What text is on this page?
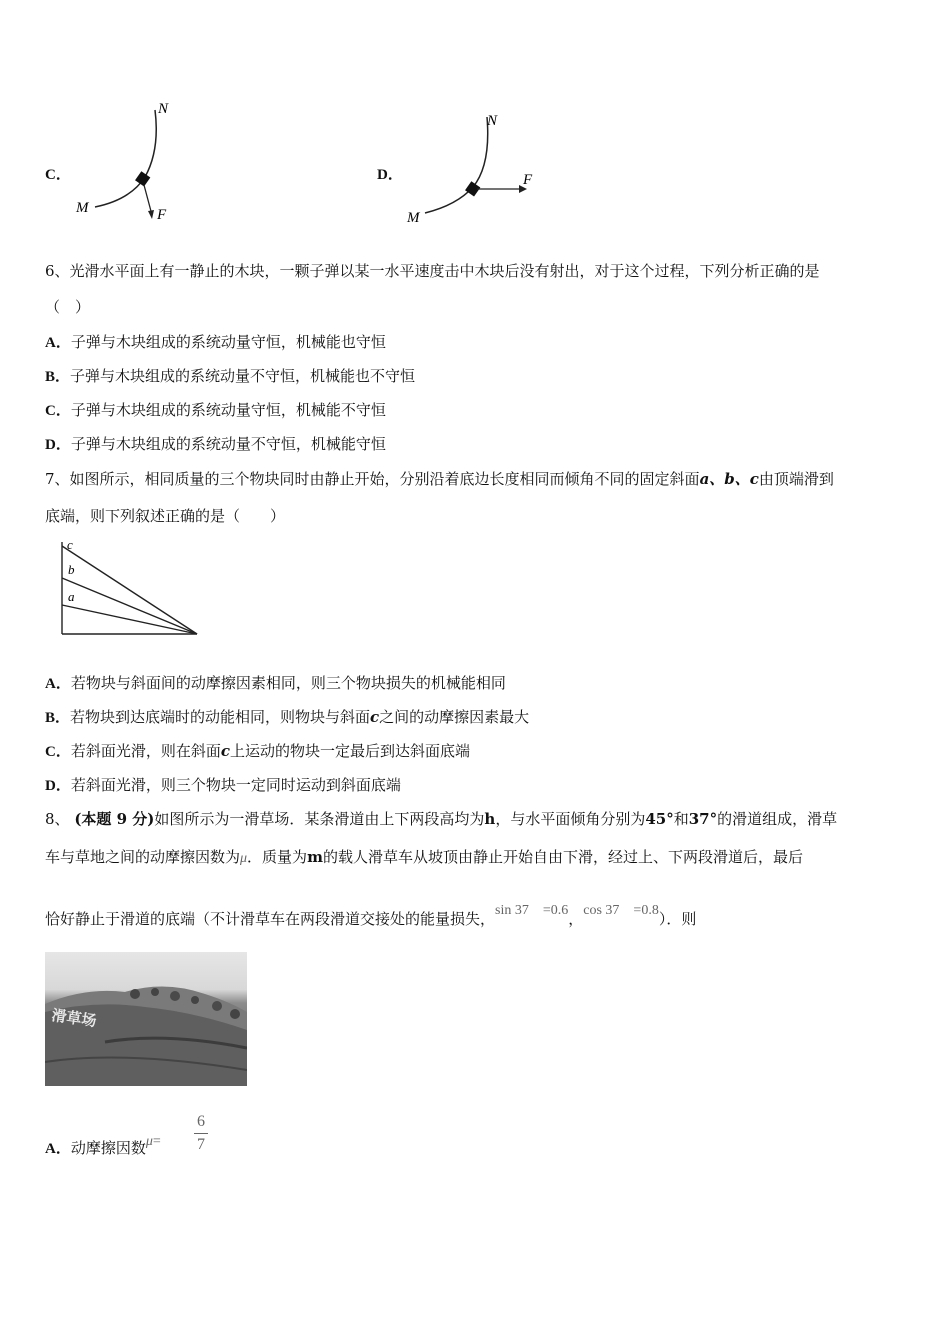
C．
N
M	F
D．
N
M
F
6、光滑水平面上有一静止的木块，一颗子弹以某一水平速度击中木块后没有射出，对于这个过程，下列分析正确的是
（　）
A．子弹与木块组成的系统动量守恒，机械能也守恒
B．子弹与木块组成的系统动量不守恒，机械能也不守恒
C．子弹与木块组成的系统动量守恒，机械能不守恒
D．子弹与木块组成的系统动量不守恒，机械能守恒
7、如图所示，相同质量的三个物块同时由静止开始，分别沿着底边长度相同而倾角不同的固定斜面a、b、c由顶端滑到
底端，则下列叙述正确的是（　　）
c
b
a
A．若物块与斜面间的动摩擦因素相同，则三个物块损失的机械能相同
B．若物块到达底端时的动能相同，则物块与斜面c之间的动摩擦因素最大
C．若斜面光滑，则在斜面c上运动的物块一定最后到达斜面底端
D．若斜面光滑，则三个物块一定同时运动到斜面底端
8、 (本题 9 分)如图所示为一滑草场．某条滑道由上下两段高均为h，与水平面倾角分别为45°和37°的滑道组成，滑草
车与草地之间的动摩擦因数为μ．质量为m的载人滑草车从坡顶由静止开始自由下滑，经过上、下两段滑道后，最后
恰好静止于滑道的底端（不计滑草车在两段滑道交接处的能量损失，sin 37　=0.6，cos 37　=0.8）．则
滑草场
A．动摩擦因数μ=
6
7
